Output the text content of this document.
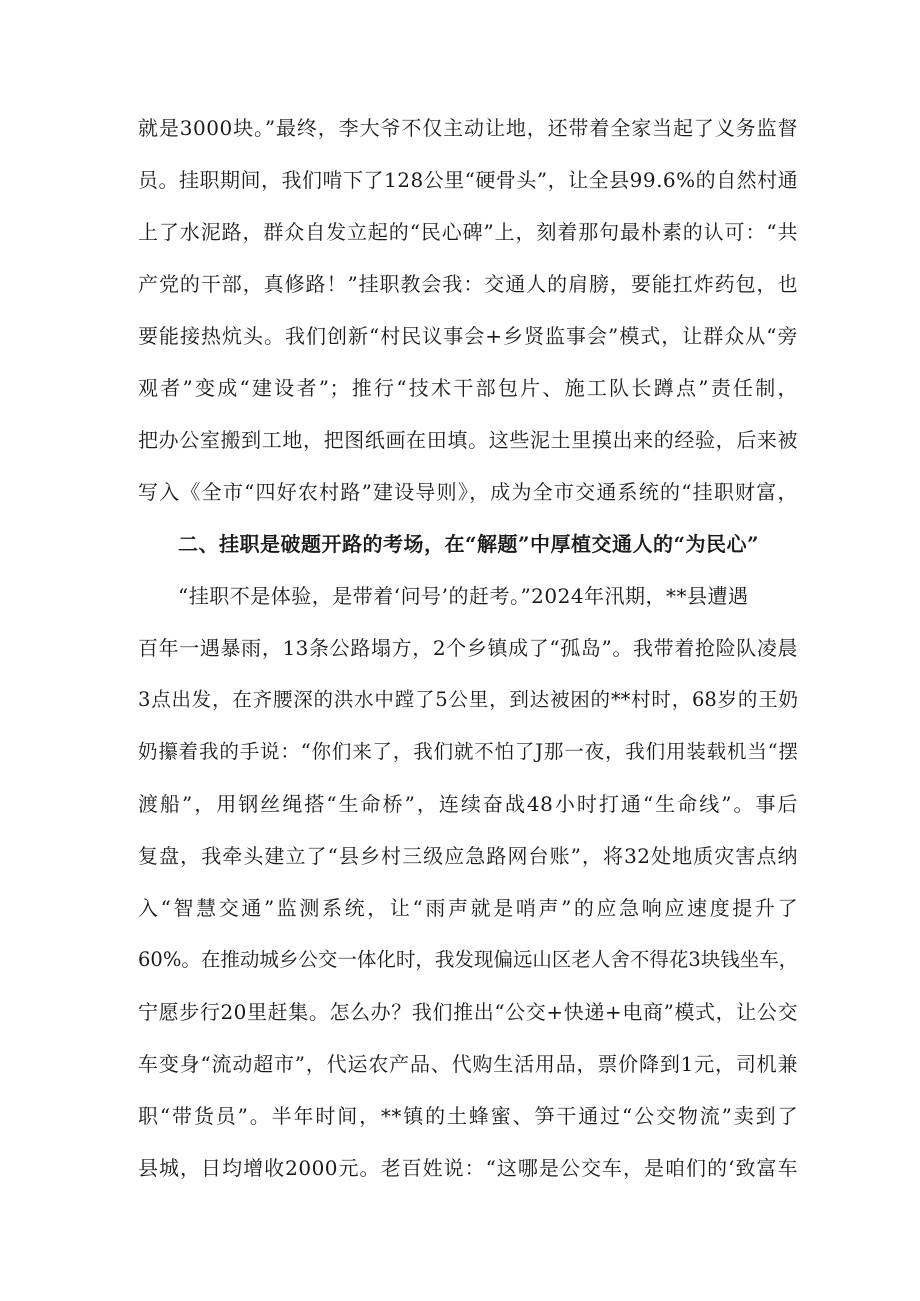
就是3000块。”最终，李大爷不仅主动让地，还带着全家当起了义务监督
员。挂职期间，我们啃下了128公里“硬骨头”，让全县99.6%的自然村通
上了水泥路，群众自发立起的“民心碑”上，刻着那句最朴素的认可：“共
产党的干部，真修路！”挂职教会我：交通人的肩膀，要能扛炸药包，也
要能接热炕头。我们创新“村民议事会+乡贤监事会”模式，让群众从“旁
观者”变成“建设者”；推行“技术干部包片、施工队长蹲点”责任制，
把办公室搬到工地，把图纸画在田填。这些泥土里摸出来的经验，后来被
写入《全市“四好农村路”建设导则》，成为全市交通系统的“挂职财富，
二、挂职是破题开路的考场，在“解题”中厚植交通人的“为民心”
“挂职不是体验，是带着‘问号’的赶考。”2024年汛期，**县遭遇
百年一遇暴雨，13条公路塌方，2个乡镇成了“孤岛”。我带着抢险队凌晨
3点出发，在齐腰深的洪水中蹚了5公里，到达被困的**村时，68岁的王奶
奶攥着我的手说：“你们来了，我们就不怕了J那一夜，我们用装载机当“摆
渡船”，用钢丝绳搭“生命桥”，连续奋战48小时打通“生命线”。事后
复盘，我牵头建立了“县乡村三级应急路网台账”，将32处地质灾害点纳
入“智慧交通”监测系统，让“雨声就是哨声”的应急响应速度提升了
60%。在推动城乡公交一体化时，我发现偏远山区老人舍不得花3块钱坐车，
宁愿步行20里赶集。怎么办？我们推出“公交+快递+电商”模式，让公交
车变身“流动超市”，代运农产品、代购生活用品，票价降到1元，司机兼
职“带货员”。半年时间，**镇的土蜂蜜、笋干通过“公交物流”卖到了
县城，日均增收2000元。老百姓说：“这哪是公交车，是咱们的‘致富车
